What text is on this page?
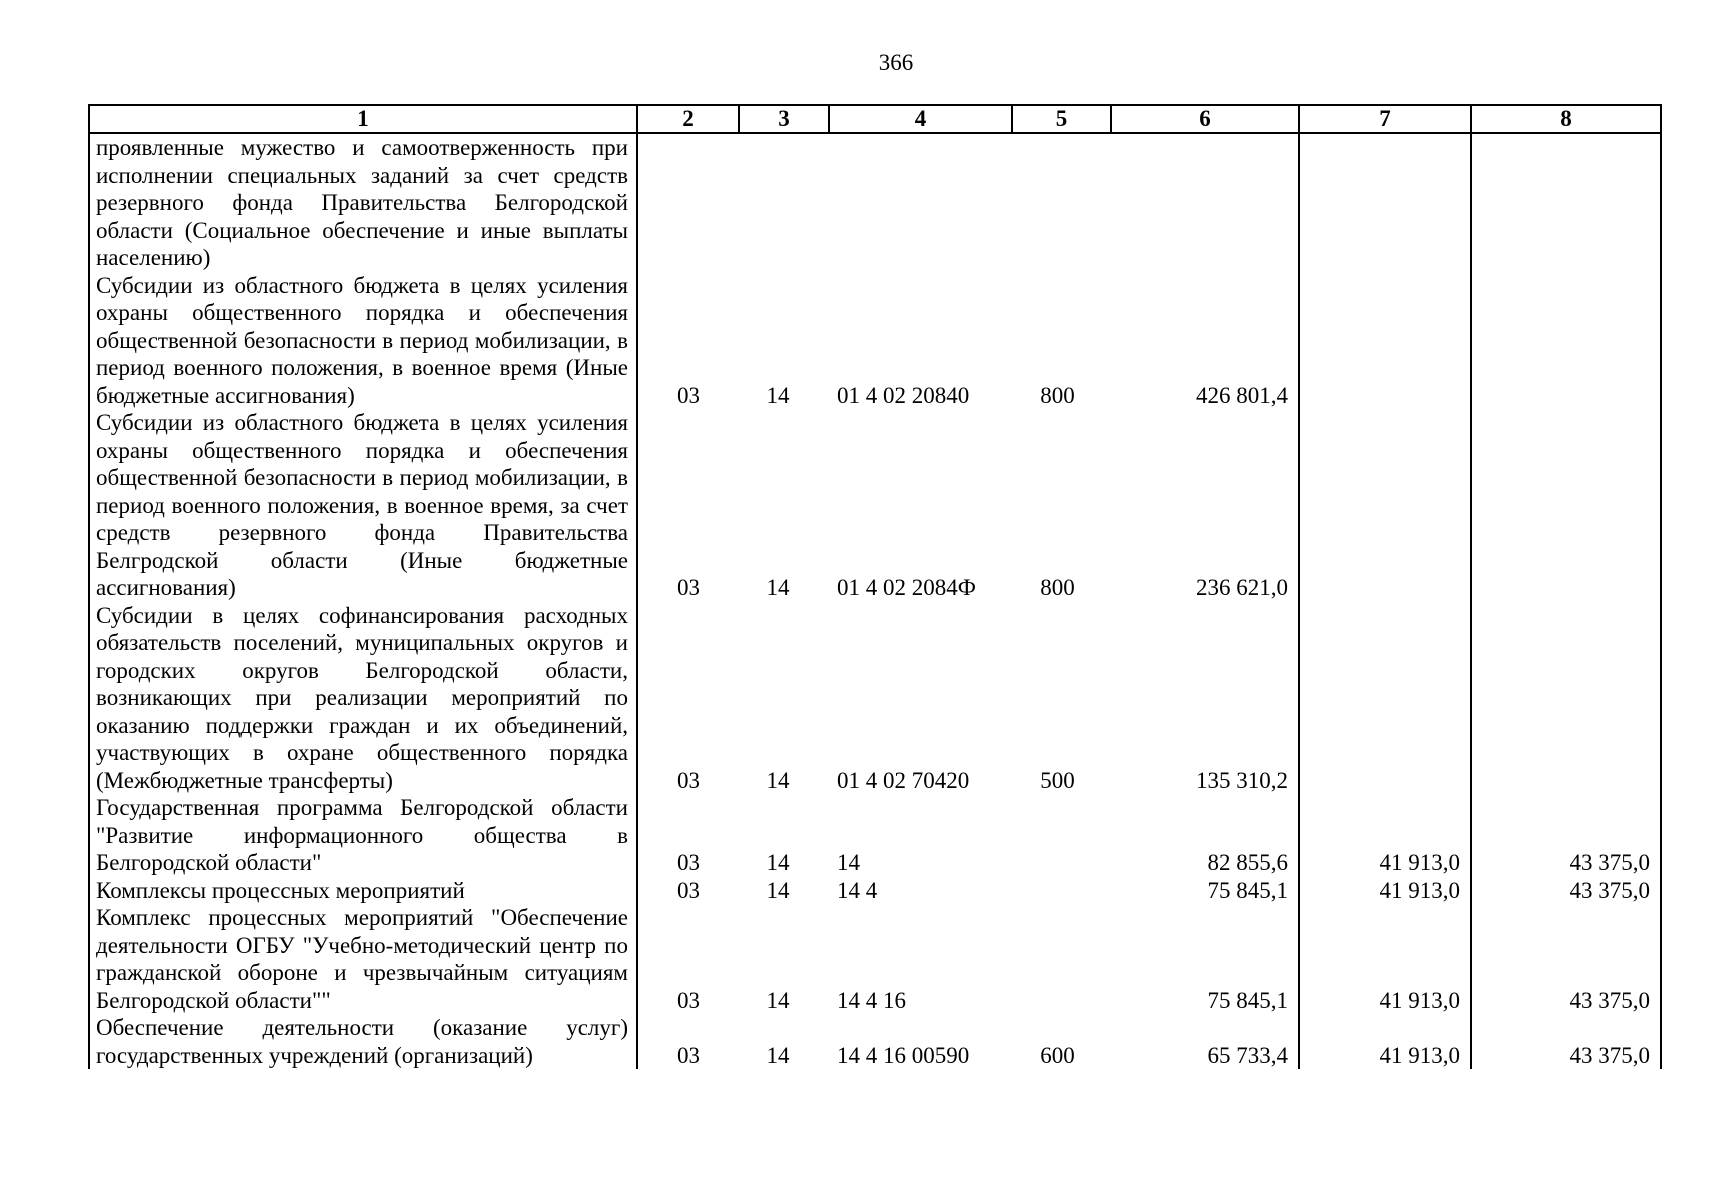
366
1	2	3	4	5	6	7	8
проявленные мужество и самоотверженность при исполнении специальных заданий за счет средств резервного фонда Правительства Белгородской области (Социальное обеспечение и иные выплаты населению)							
Субсидии из областного бюджета в целях усиления охраны общественного порядка и обеспечения общественной безопасности в период мобилизации, в период военного положения, в военное время (Иные бюджетные ассигнования)	03	14	01 4 02 20840	800	426 801,4		
Субсидии из областного бюджета в целях усиления охраны общественного порядка и обеспечения общественной безопасности в период мобилизации, в период военного положения, в военное время, за счет средств резервного фонда Правительства Белгродской области (Иные бюджетные ассигнования)	03	14	01 4 02 2084Ф	800	236 621,0		
Субсидии в целях софинансирования расходных обязательств поселений, муниципальных округов и городских округов Белгородской области, возникающих при реализации мероприятий по оказанию поддержки граждан и их объединений, участвующих в охране общественного порядка (Межбюджетные трансферты)	03	14	01 4 02 70420	500	135 310,2		
Государственная программа Белгородской области "Развитие информационного общества в Белгородской области"	03	14	14		82 855,6	41 913,0	43 375,0
Комплексы процессных мероприятий	03	14	14 4		75 845,1	41 913,0	43 375,0
Комплекс процессных мероприятий "Обеспечение деятельности ОГБУ "Учебно-методический центр по гражданской обороне и чрезвычайным ситуациям Белгородской области""	03	14	14 4 16		75 845,1	41 913,0	43 375,0
Обеспечение деятельности (оказание услуг) государственных учреждений (организаций)	03	14	14 4 16 00590	600	65 733,4	41 913,0	43 375,0
